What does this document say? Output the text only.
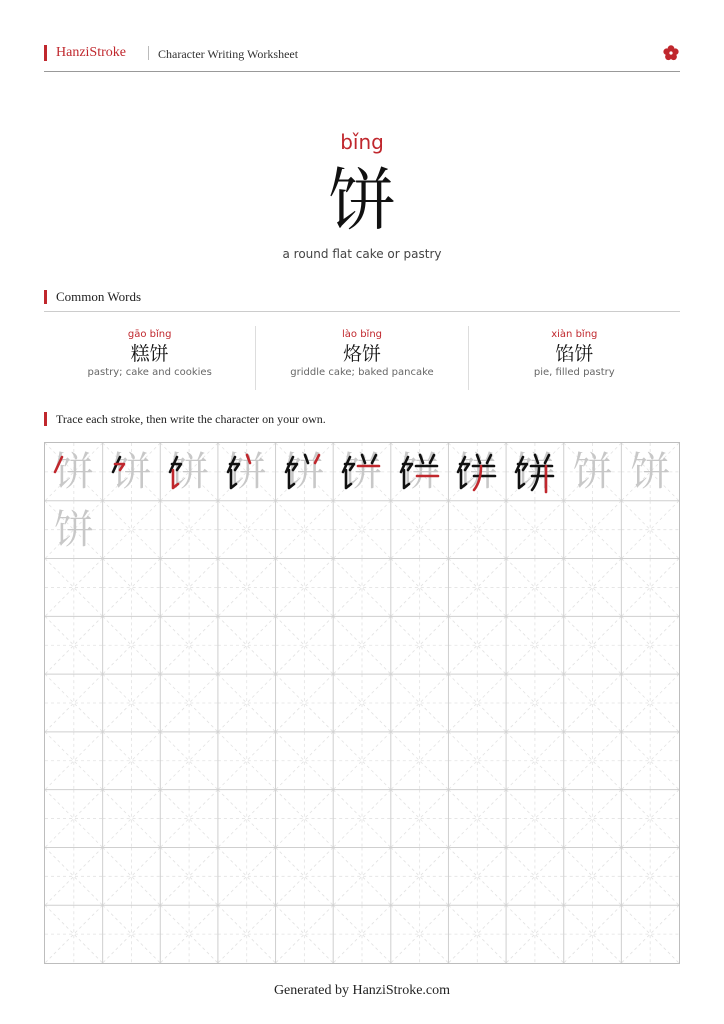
HanziStroke	Character Writing Worksheet
bǐng
饼
a round flat cake or pastry
Common Words
gāo bǐng
糕饼
pastry; cake and cookies
lào bǐng
烙饼
griddle cake; baked pancake
xiàn bǐng
馅饼
pie, filled pastry
Trace each stroke, then write the character on your own.
饼 饼 饼 饼 饼 饼 饼 饼 饼 饼 饼
饼
Generated by HanziStroke.com
